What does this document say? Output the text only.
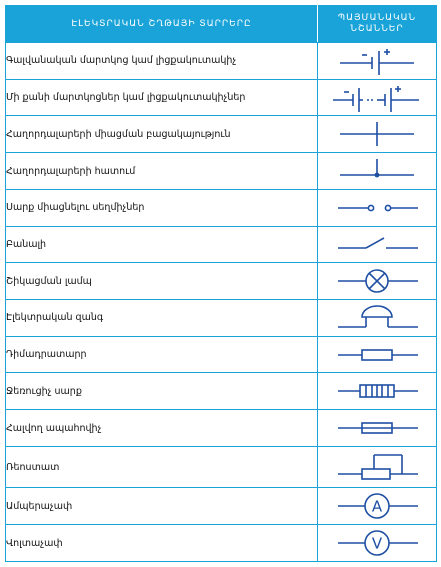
ԷԼԵԿՏՐԱԿԱՆ ՇՂԹԱՅԻ ՏԱՐՐԵՐԸ	ՊԱՅՄԱՆԱԿԱՆ
ՆՇԱՆՆԵՐ

Գալվանական մարտկոց կամ լիցքակուտակիչ	

Մի քանի մարտկոցներ կամ լիցքակուտակիչներ	

Հաղորդալարերի միացման բացակայություն	

Հաղորդալարերի հատում	

Սարք միացնելու սեղմիչներ	

Բանալի	

Շիկացման լամպ	

Էլեկտրական զանգ	

Դիմադրատարր	

Ջեռուցիչ սարք	

Հալվող ապահովիչ	

Ռեոստատ	

Ամպերաչափ	A

Վոլտաչափ	V
